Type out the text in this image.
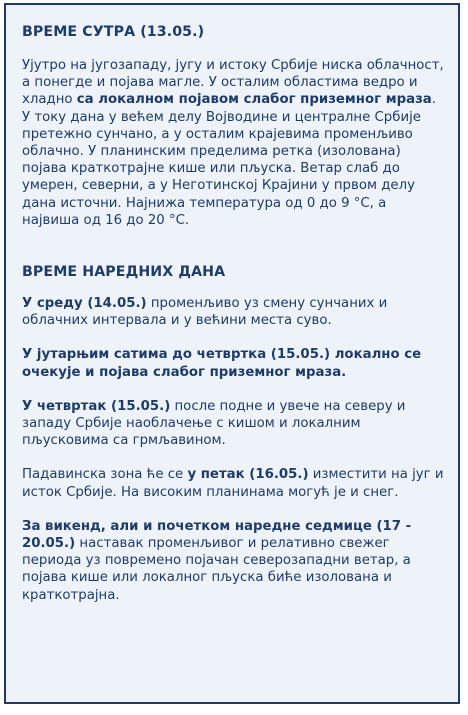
ВРЕМЕ СУТРА (13.05.)

Ујутро на југозападу, југу и истоку Србије ниска облачност, а понегде и појава магле. У осталим областима ведро и хладно са локалном појавом слабог приземног мраза. У току дана у већем делу Војводине и централне Србије претежно сунчано, а у осталим крајевима променљиво облачно. У планинским пределима ретка (изолована) појава краткотрајне кише или пљуска. Ветар слаб до умерен, северни, а у Неготинској Крајини у првом делу дана источни. Најнижа температура од 0 до 9 °C, а највиша од 16 до 20 °C.

ВРЕМЕ НАРЕДНИХ ДАНА

У среду (14.05.) променљиво уз смену сунчаних и облачних интервала и у већини места суво.

У јутарњим сатима до четвртка (15.05.) локално се очекује и појава слабог приземног мраза.

У четвртак (15.05.) после подне и увече на северу и западу Србије наоблачење с кишом и локалним пљусковима са грмљавином.

Падавинска зона ће се у петак (16.05.) изместити на југ и исток Србије. На високим планинама могућ је и снег.

За викенд, али и почетком наредне седмице (17 - 20.05.) наставак променљивог и релативно свежег периода уз повремено појачан северозападни ветар, а појава кише или локалног пљуска биће изолована и краткотрајна.
